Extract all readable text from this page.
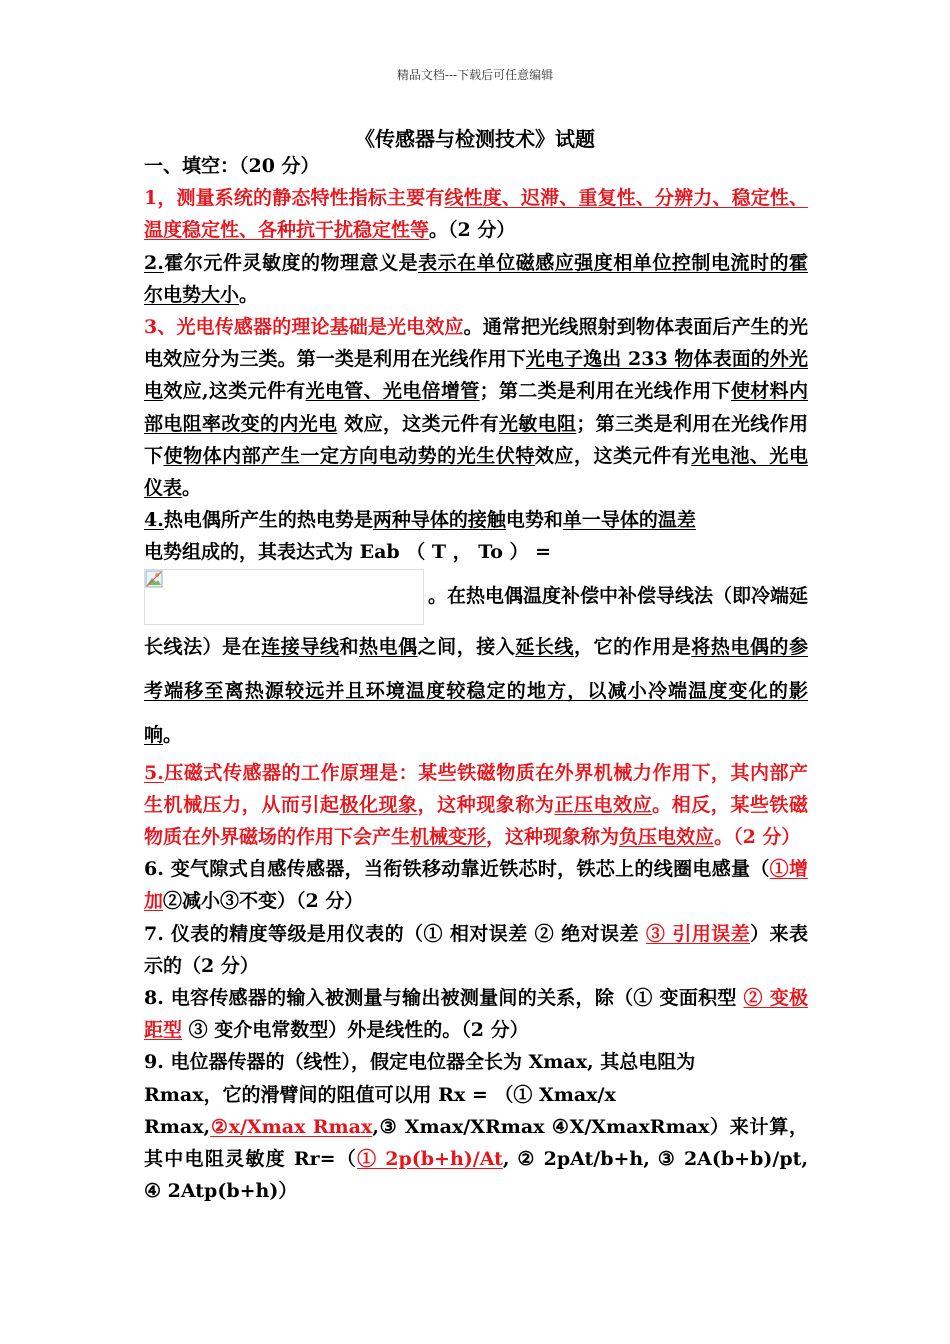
精品文档---下载后可任意编辑
《传感器与检测技术》试题

一、填空：（20 分）

1，测量系统的静态特性指标主要有线性度、迟滞、重复性、分辨力、稳定性、温度稳定性、各种抗干扰稳定性等。（2 分）

2.霍尔元件灵敏度的物理意义是表示在单位磁感应强度相单位控制电流时的霍尔电势大小。

3、光电传感器的理论基础是光电效应。通常把光线照射到物体表面后产生的光电效应分为三类。第一类是利用在光线作用下光电子逸出 233 物体表面的外光电效应,这类元件有光电管、光电倍增管；第二类是利用在光线作用下使材料内部电阻率改变的内光电 效应，这类元件有光敏电阻；第三类是利用在光线作用下使物体内部产生一定方向电动势的光生伏特效应，这类元件有光电池、光电仪表。

4.热电偶所产生的热电势是两种导体的接触电势和单一导体的温差

电势组成的，其表达式为 Eab （ T ， To ） =

。在热电偶温度补偿中补偿导线法（即冷端延长线法）是在连接导线和热电偶之间，接入延长线，它的作用是将热电偶的参考端移至离热源较远并且环境温度较稳定的地方，以减小冷端温度变化的影响。

5.压磁式传感器的工作原理是：某些铁磁物质在外界机械力作用下，其内部产生机械压力，从而引起极化现象，这种现象称为正压电效应。相反，某些铁磁物质在外界磁场的作用下会产生机械变形，这种现象称为负压电效应。（2 分）

6. 变气隙式自感传感器，当衔铁移动靠近铁芯时，铁芯上的线圈电感量（①增加②减小③不变）（2 分）

7. 仪表的精度等级是用仪表的（① 相对误差 ② 绝对误差 ③ 引用误差）来表示的（2 分）

8. 电容传感器的输入被测量与输出被测量间的关系，除（① 变面积型 ② 变极距型 ③ 变介电常数型）外是线性的。（2 分）

9. 电位器传器的（线性），假定电位器全长为 Xmax, 其总电阻为

Rmax，它的滑臂间的阻值可以用 Rx = （① Xmax/x

Rmax,②x/Xmax Rmax,③ Xmax/XRmax ④X/XmaxRmax）来计算，其中电阻灵敏度 Rr=（① 2p(b+h)/At, ② 2pAt/b+h, ③ 2A(b+b)/pt, ④ 2Atp(b+h)）
